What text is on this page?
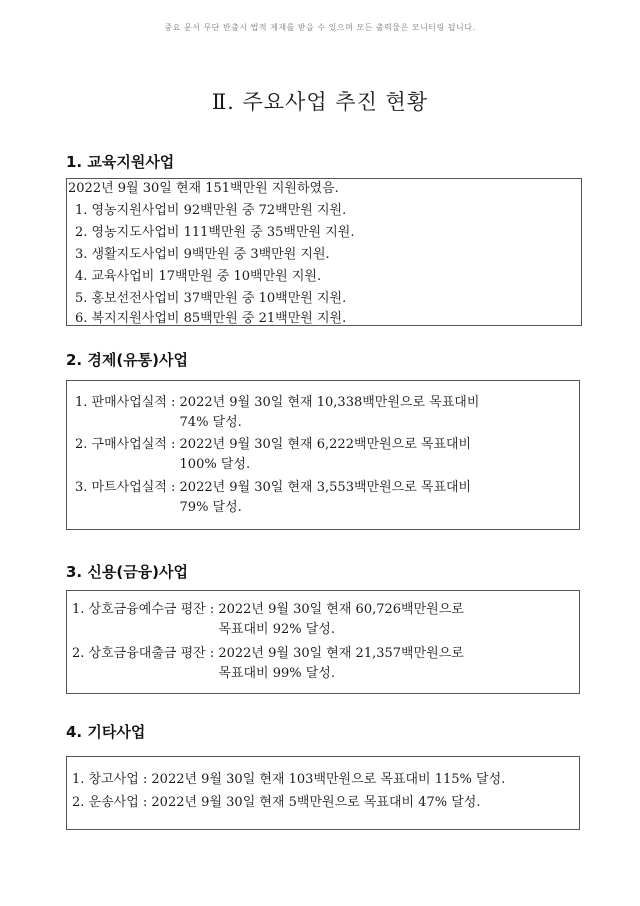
중요 문서 무단 반출시 법적 제재를 받을 수 있으며 모든 출력물은 모니터링 됩니다.
Ⅱ. 주요사업 추진 현황
1. 교육지원사업
2022년 9월 30일 현재 151백만원 지원하였음.
1. 영농지원사업비 92백만원 중 72백만원 지원.
2. 영농지도사업비 111백만원 중 35백만원 지원.
3. 생활지도사업비 9백만원 중 3백만원 지원.
4. 교육사업비 17백만원 중 10백만원 지원.
5. 홍보선전사업비 37백만원 중 10백만원 지원.
6. 복지지원사업비 85백만원 중 21백만원 지원.
2. 경제(유통)사업
1. 판매사업실적 : 2022년 9월 30일 현재 10,338백만원으로 목표대비
74% 달성.
2. 구매사업실적 : 2022년 9월 30일 현재 6,222백만원으로 목표대비
100% 달성.
3. 마트사업실적 : 2022년 9월 30일 현재 3,553백만원으로 목표대비
79% 달성.
3. 신용(금융)사업
1. 상호금융예수금 평잔 : 2022년 9월 30일 현재 60,726백만원으로
목표대비 92% 달성.
2. 상호금융대출금 평잔 : 2022년 9월 30일 현재 21,357백만원으로
목표대비 99% 달성.
4. 기타사업
1. 창고사업 : 2022년 9월 30일 현재 103백만원으로 목표대비 115% 달성.
2. 운송사업 : 2022년 9월 30일 현재 5백만원으로 목표대비 47% 달성.
